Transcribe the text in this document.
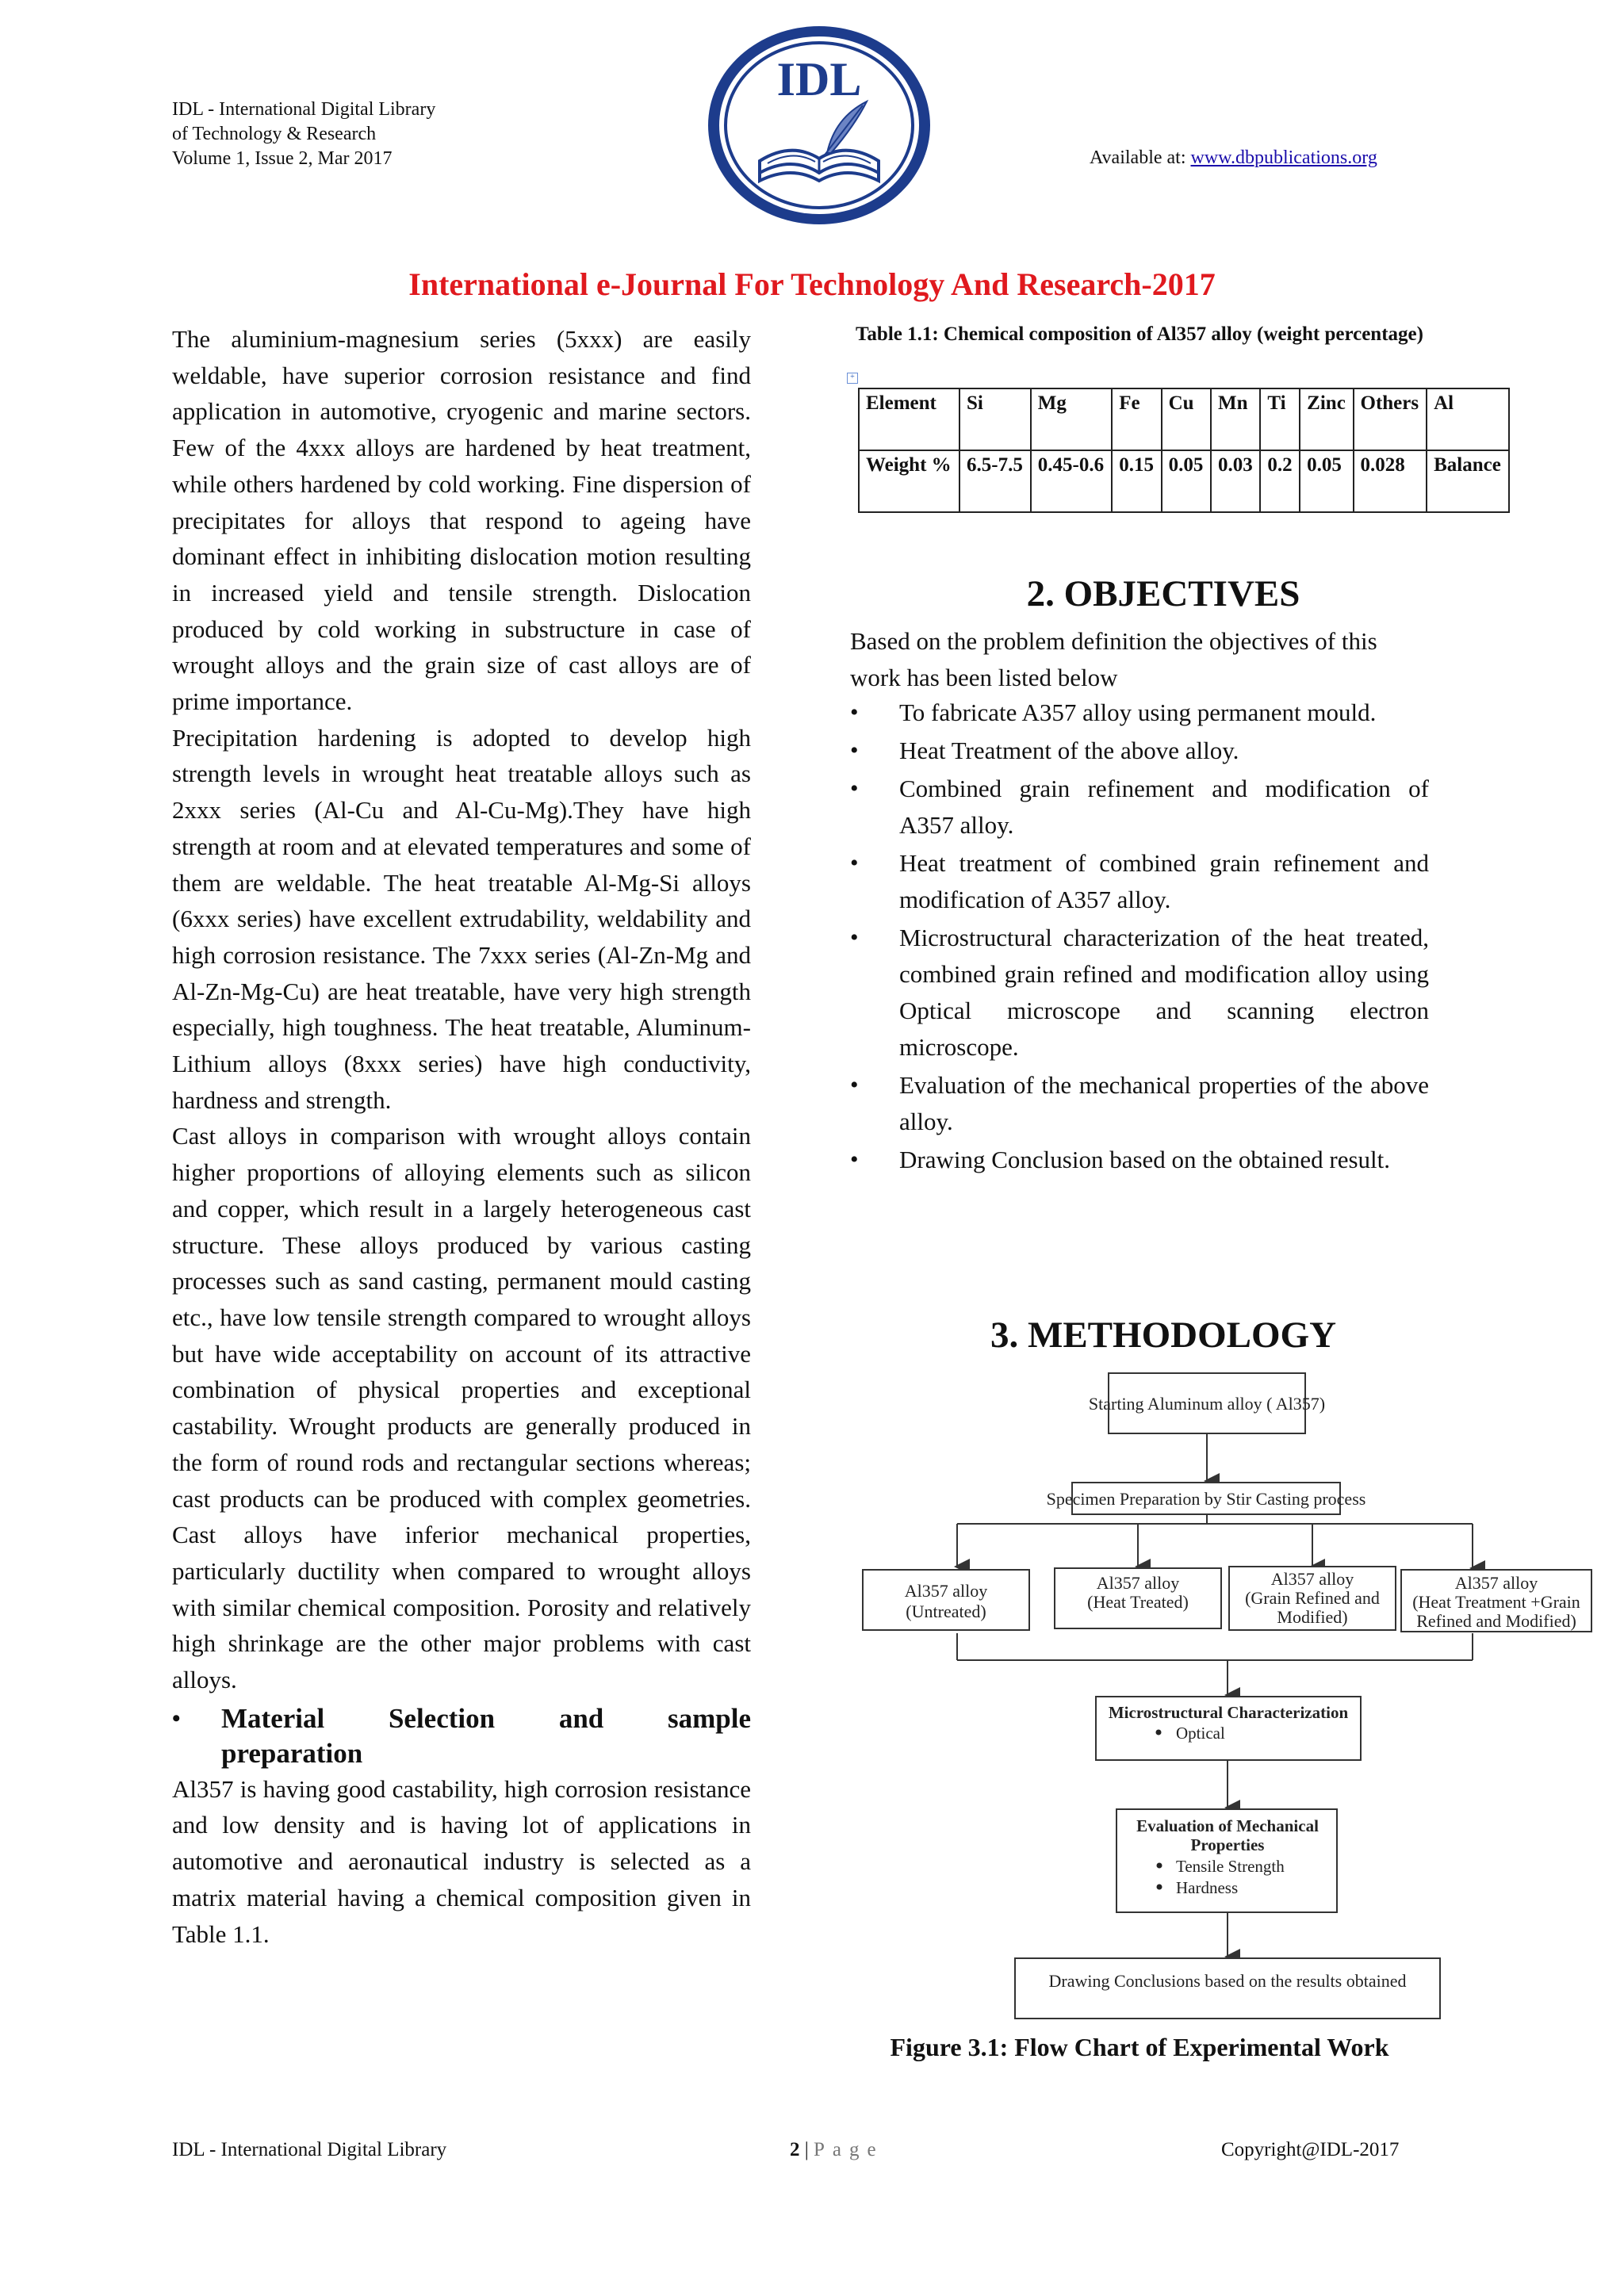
IDL - International Digital Library
of Technology & Research
Volume 1, Issue 2, Mar 2017
IDL
Available at: www.dbpublications.org
International e-Journal For Technology And Research-2017

The aluminium-magnesium series (5xxx) are easily weldable, have superior corrosion resistance and find application in automotive, cryogenic and marine sectors. Few of the 4xxx alloys are hardened by heat treatment, while others hardened by cold working. Fine dispersion of precipitates for alloys that respond to ageing have dominant effect in inhibiting dislocation motion resulting in increased yield and tensile strength. Dislocation produced by cold working in substructure in case of wrought alloys and the grain size of cast alloys are of prime importance.

Precipitation hardening is adopted to develop high strength levels in wrought heat treatable alloys such as 2xxx series (Al-Cu and Al-Cu-Mg).They have high strength at room and at elevated temperatures and some of them are weldable. The heat treatable Al-Mg-Si alloys (6xxx series) have excellent extrudability, weldability and high corrosion resistance. The 7xxx series (Al-Zn-Mg and Al-Zn-Mg-Cu) are heat treatable, have very high strength especially, high toughness. The heat treatable, Aluminum-Lithium alloys (8xxx series) have high conductivity, hardness and strength.

Cast alloys in comparison with wrought alloys contain higher proportions of alloying elements such as silicon and copper, which result in a largely heterogeneous cast structure. These alloys produced by various casting processes such as sand casting, permanent mould casting etc., have low tensile strength compared to wrought alloys but have wide acceptability on account of its attractive combination of physical properties and exceptional castability. Wrought products are generally produced in the form of round rods and rectangular sections whereas; cast products can be produced with complex geometries. Cast alloys have inferior mechanical properties, particularly ductility when compared to wrought alloys with similar chemical composition. Porosity and relatively high shrinkage are the other major problems with cast alloys.

• Material Selection and sample
preparation

Al357 is having good castability, high corrosion resistance and low density and is having lot of applications in automotive and aeronautical industry is selected as a matrix material having a chemical composition given in Table 1.1.

Table 1.1: Chemical composition of Al357 alloy (weight percentage)
+
Element	Si	Mg	Fe	Cu	Mn	Ti	Zinc	Others	Al
Weight %	6.5-7.5	0.45-0.6	0.15	0.05	0.03	0.2	0.05	0.028	Balance
2. OBJECTIVES
Based on the problem definition the objectives of this work has been listed below
• To fabricate A357 alloy using permanent mould.
• Heat Treatment of the above alloy.
• Combined grain refinement and modification of A357 alloy.
• Heat treatment of combined grain refinement and modification of A357 alloy.
• Microstructural characterization of the heat treated, combined grain refined and modification alloy using Optical microscope and scanning electron microscope.
• Evaluation of the mechanical properties of the above alloy.
• Drawing Conclusion based on the obtained result.
3. METHODOLOGY
Starting Aluminum alloy ( Al357)
Specimen Preparation by Stir Casting process
Al357 alloy
(Untreated)
Al357 alloy
(Heat Treated)
Al357 alloy
(Grain Refined and
Modified)
Al357 alloy
(Heat Treatment +Grain
Refined and Modified)
Microstructural Characterization
Optical
Evaluation of Mechanical
Properties
Tensile Strength
Hardness
Drawing Conclusions based on the results obtained
Figure 3.1: Flow Chart of Experimental Work
IDL - International Digital Library	2 | Page	Copyright@IDL-2017
